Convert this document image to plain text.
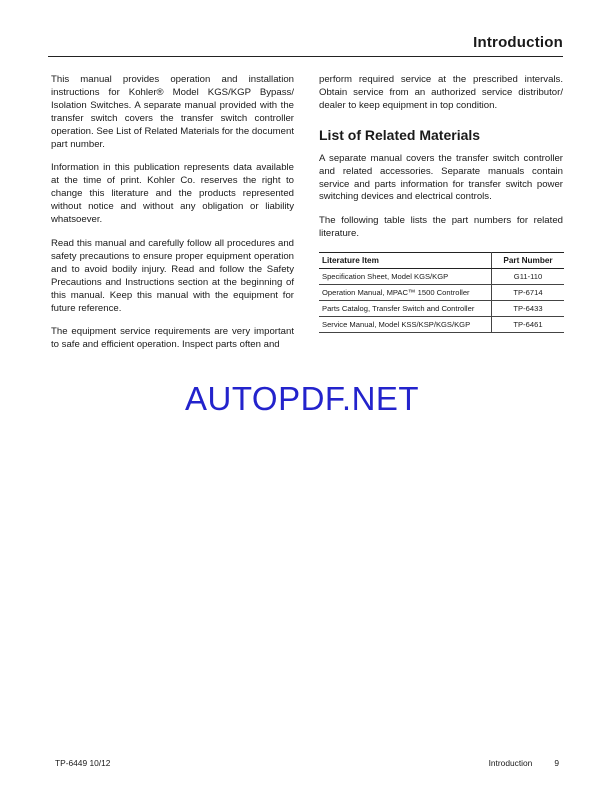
Introduction

This manual provides operation and installation instructions for Kohler® Model KGS/KGP Bypass/ Isolation Switches. A separate manual provided with the transfer switch covers the transfer switch controller operation. See List of Related Materials for the document part number.

Information in this publication represents data available at the time of print. Kohler Co. reserves the right to change this literature and the products represented without notice and without any obligation or liability whatsoever.

Read this manual and carefully follow all procedures and safety precautions to ensure proper equipment operation and to avoid bodily injury. Read and follow the Safety Precautions and Instructions section at the beginning of this manual. Keep this manual with the equipment for future reference.

The equipment service requirements are very important to safe and efficient operation. Inspect parts often and

perform required service at the prescribed intervals. Obtain service from an authorized service distributor/ dealer to keep equipment in top condition.

List of Related Materials

A separate manual covers the transfer switch controller and related accessories. Separate manuals contain service and parts information for transfer switch power switching devices and electrical controls.

The following table lists the part numbers for related literature.

Literature Item	Part Number
Specification Sheet, Model KGS/KGP	G11-110
Operation Manual, MPAC™ 1500 Controller	TP-6714
Parts Catalog, Transfer Switch and Controller	TP-6433
Service Manual, Model KSS/KSP/KGS/KGP	TP-6461
AUTOPDF.NET
TP-6449 10/12	Introduction	9
